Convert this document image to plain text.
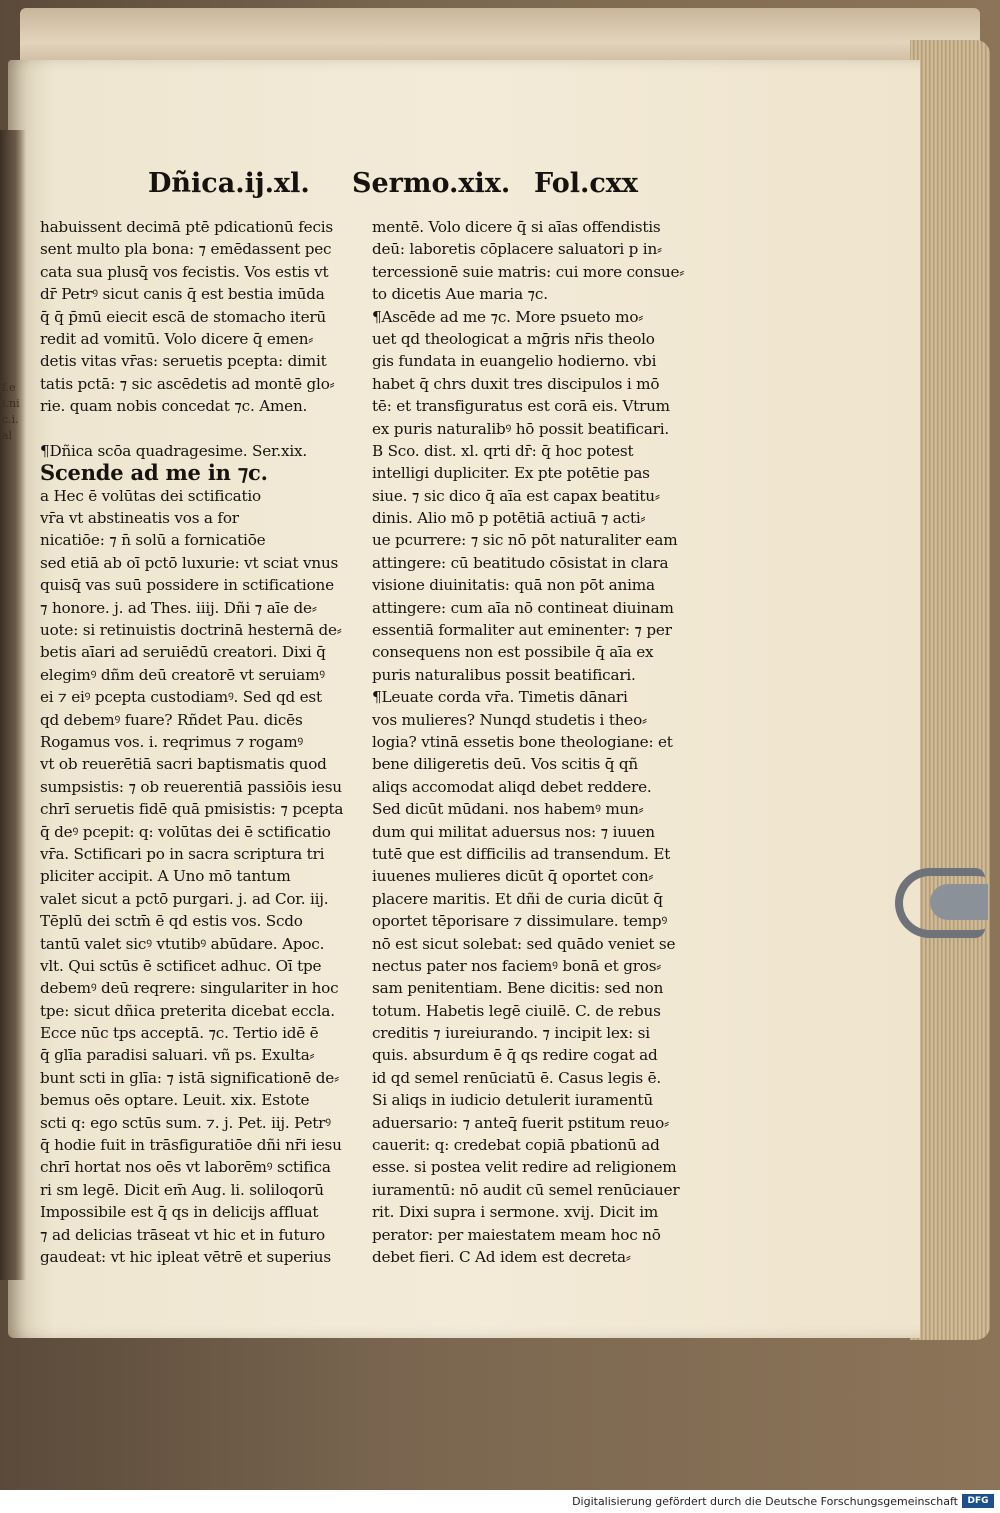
f.ei.nic.i.al
Dñica.ij.xl. Sermo.xix. Fol.cxx
habuissent decimā ptē pdicationū fecis
sent multo pla bona: ⁊ emēdassent pec
cata sua plusq̄ vos fecistis. Vos estis vt
dr̄ Petrꝰ sicut canis q̄ est bestia imūda
q̄ q̄ p̄mū eiecit escā de stomacho iterū
redit ad vomitū. Volo dicere q̄ emen⸗
detis vitas vr̄as: seruetis pcepta: dimit
tatis pctā: ⁊ sic ascēdetis ad montē glo⸗
rie. quam nobis concedat ⁊c. Amen.
¶Dñica scōa quadragesime. Ser.xix.
Scende ad me in ⁊c.
a Hec ē volūtas dei sctificatio
vr̄a vt abstineatis vos a for
nicatiōe: ⁊ n̄ solū a fornicatiōe
sed etiā ab oī pctō luxurie: vt sciat vnus
quisq̄ vas suū possidere in sctificatione
⁊ honore. j. ad Thes. iiij. Dñi ⁊ aīe de⸗
uote: si retinuistis doctrinā hesternā de⸗
betis aīari ad seruiēdū creatori. Dixi q̄
elegimꝰ dñm deū creatorē vt seruiamꝰ
ei ⁊ eiꝰ pcepta custodiamꝰ. Sed qd est
qd debemꝰ fuare? Rñdet Pau. dicēs
Rogamus vos. i. reqrimus ⁊ rogamꝰ
vt ob reuerētiā sacri baptismatis quod
sumpsistis: ⁊ ob reuerentiā passiōis iesu
chrī seruetis fidē quā pmisistis: ⁊ pcepta
q̄ deꝰ pcepit: q: volūtas dei ē sctificatio
vr̄a. Sctificari po in sacra scriptura tri
pliciter accipit. A Uno mō tantum
valet sicut a pctō purgari. j. ad Cor. iij.
Tēplū dei sctm̄ ē qd estis vos. Scdo
tantū valet sicꝰ vtutibꝰ abūdare. Apoc.
vlt. Qui sctūs ē sctificet adhuc. Oī tpe
debemꝰ deū reqrere: singulariter in hoc
tpe: sicut dñica preterita dicebat eccla.
Ecce nūc tps acceptā. ⁊c. Tertio idē ē
q̄ glīa paradisi saluari. vñ ps. Exulta⸗
bunt scti in glīa: ⁊ istā significationē de⸗
bemus oēs optare. Leuit. xix. Estote
scti q: ego sctūs sum. ⁊. j. Pet. iij. Petrꝰ
q̄ hodie fuit in trāsfiguratiōe dñi nr̄i iesu
chrī hortat nos oēs vt laborēmꝰ sctifica
ri sm legē. Dicit em̄ Aug. li. soliloqorū
Impossibile est q̄ qs in delicijs affluat
⁊ ad delicias trāseat vt hic et in futuro
gaudeat: vt hic ipleat vētrē et superius
mentē. Volo dicere q̄ si aīas offendistis
deū: laboretis cōplacere saluatori p in⸗
tercessionē suie matris: cui more consue⸗
to dicetis Aue maria ⁊c.
¶Ascēde ad me ⁊c. More psueto mo⸗
uet qd theologicat a mḡris nr̄is theolo
gis fundata in euangelio hodierno. vbi
habet q̄ chrs duxit tres discipulos i mō
tē: et transfiguratus est corā eis. Vtrum
ex puris naturalibꝰ hō possit beatificari.
B Sco. dist. xl. qrti dr̄: q̄ hoc potest
intelligi dupliciter. Ex pte potētie pas
siue. ⁊ sic dico q̄ aīa est capax beatitu⸗
dinis. Alio mō p potētiā actiuā ⁊ acti⸗
ue pcurrere: ⁊ sic nō pōt naturaliter eam
attingere: cū beatitudo cōsistat in clara
visione diuinitatis: quā non pōt anima
attingere: cum aīa nō contineat diuinam
essentiā formaliter aut eminenter: ⁊ per
consequens non est possibile q̄ aīa ex
puris naturalibus possit beatificari.
¶Leuate corda vr̄a. Timetis dānari
vos mulieres? Nunqd studetis i theo⸗
logia? vtinā essetis bone theologiane: et
bene diligeretis deū. Vos scitis q̄ qñ
aliqs accomodat aliqd debet reddere.
Sed dicūt mūdani. nos habemꝰ mun⸗
dum qui militat aduersus nos: ⁊ iuuen
tutē que est difficilis ad transendum. Et
iuuenes mulieres dicūt q̄ oportet con⸗
placere maritis. Et dñi de curia dicūt q̄
oportet tēporisare ⁊ dissimulare. tempꝰ
nō est sicut solebat: sed quādo veniet se
nectus pater nos faciemꝰ bonā et gros⸗
sam penitentiam. Bene dicitis: sed non
totum. Habetis legē ciuilē. C. de rebus
creditis ⁊ iureiurando. ⁊ incipit lex: si
quis. absurdum ē q̄ qs redire cogat ad
id qd semel renūciatū ē. Casus legis ē.
Si aliqs in iudicio detulerit iuramentū
aduersario: ⁊ anteq̄ fuerit pstitum reuo⸗
cauerit: q: credebat copiā pbationū ad
esse. si postea velit redire ad religionem
iuramentū: nō audit cū semel renūciauer
rit. Dixi supra i sermone. xvij. Dicit im
perator: per maiestatem meam hoc nō
debet fieri. C Ad idem est decreta⸗
Digitalisierung gefördert durch die Deutsche Forschungsgemeinschaft	DFG
